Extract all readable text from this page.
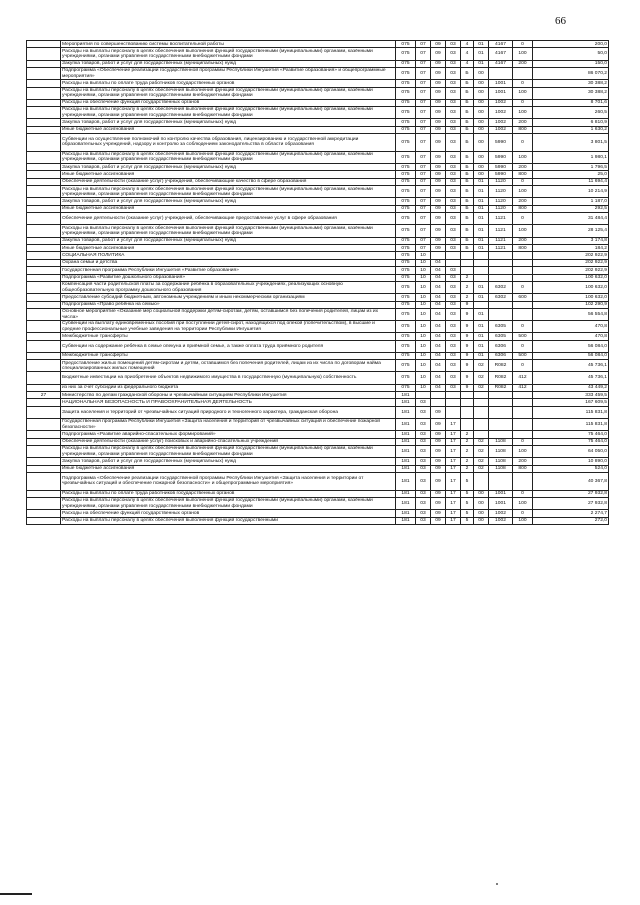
66
	Мероприятия по совершенствованию системы воспитательной работы	075	07	09	03	4	01	4167	0	200,0
	Расходы на выплаты персоналу в целях обеспечения выполнения функций государственными (муниципальными) органами, казёнными учреждениями, органами управления государственными внебюджетными фондами	075	07	09	03	4	01	4167	100	50,0
	Закупка товаров, работ и услуг для государственных (муниципальных) нужд	075	07	09	03	4	01	4167	200	150,0
	Подпрограмма «Обеспечение реализации государственной программы Республики Ингушетия «Развитие образования» и общепрограммные мероприятия»	075	07	09	03	Б	00			86 070,2
	Расходы на выплаты по оплате труда работников государственных органов	075	07	09	03	Б	00	1001	0	30 388,2
	Расходы на выплаты персоналу в целях обеспечения выполнения функций государственными (муниципальными) органами, казёнными учреждениями, органами управления государственными внебюджетными фондами	075	07	09	03	Б	00	1001	100	30 388,2
	Расходы на обеспечение функций государственных органов	075	07	09	03	Б	00	1002	0	8 701,6
	Расходы на выплаты персоналу в целях обеспечения выполнения функций государственными (муниципальными) органами, казёнными учреждениями, органами управления государственными внебюджетными фондами	075	07	09	03	Б	00	1002	100	260,5
	Закупка товаров, работ и услуг для государственных (муниципальных) нужд	075	07	09	03	Б	00	1002	200	6 810,9
	Иные бюджетные ассигнования	075	07	09	03	Б	00	1002	800	1 630,2
	Субвенции на осуществление полномочий по контролю качества образования, лицензированию и государственной аккредитации образовательных учреждений, надзору и контролю за соблюдением законодательства в области образования	075	07	09	03	Б	00	5990	0	3 801,5
	Расходы на выплаты персоналу в целях обеспечения выполнения функций государственными (муниципальными) органами, казёнными учреждениями, органами управления государственными внебюджетными фондами	075	07	09	03	Б	00	5990	100	1 980,1
	Закупка товаров, работ и услуг для государственных (муниципальных) нужд	075	07	09	03	Б	00	5990	200	1 796,5
	Иные бюджетные ассигнования	075	07	09	03	Б	00	5990	800	25,0
	Обеспечение деятельности (оказание услуг) учреждений, обеспечивающие качество в сфере образования	075	07	09	03	Б	01	1120	0	11 694,4
	Расходы на выплаты персоналу в целях обеспечения выполнения функций государственными (муниципальными) органами, казёнными учреждениями, органами управления государственными внебюджетными фондами	075	07	09	03	Б	01	1120	100	10 214,9
	Закупка товаров, работ и услуг для государственных (муниципальных) нужд	075	07	09	03	Б	01	1120	200	1 187,0
	Иные бюджетные ассигнования	075	07	09	03	Б	01	1120	800	292,5
	Обеспечение деятельности (оказание услуг) учреждений, обеспечивающие предоставление услуг в сфере образования	075	07	09	03	Б	01	1121	0	31 484,4
	Расходы на выплаты персоналу в целях обеспечения выполнения функций государственными (муниципальными) органами, казёнными учреждениями, органами управления государственными внебюджетными фондами	075	07	09	03	Б	01	1121	100	28 125,4
	Закупка товаров, работ и услуг для государственных (муниципальных) нужд	075	07	09	03	Б	01	1121	200	3 174,8
	Иные бюджетные ассигнования	075	07	09	03	Б	01	1121	800	184,2
	СОЦИАЛЬНАЯ ПОЛИТИКА	075	10							202 922,9
	Охрана семьи и детства	075	10	04						202 922,9
	Государственная программа Республики Ингушетия «Развитие образования»	075	10	04	03					202 922,9
	Подпрограмма «Развитие дошкольного образования»	075	10	04	03	2				100 632,0
	Компенсация части родительской платы за содержание ребёнка в образовательных учреждениях, реализующих основную общеобразовательную программу дошкольного образования	075	10	04	03	2	01	6302	0	100 632,0
	Предоставление субсидий бюджетным, автономным учреждениям и иным некоммерческим организациям	075	10	04	03	2	01	6302	600	100 632,0
	Подпрограмма «Право ребёнка на семью»	075	10	04	03	9				102 290,9
	Основное мероприятие «Оказание мер социальной поддержки детям-сиротам, детям, оставшимся без попечения родителей, лицам из их числа»	075	10	04	03	9	01			56 554,8
	Субвенции на выплату единовременных пособий при поступлении детей-сирот, находящихся под опекой (попечительством), в высшие и средние профессиональные учебные заведения на территории Республики Ингушетия	075	10	04	03	9	01	6305	0	470,8
	Межбюджетные трансферты	075	10	04	03	9	01	6305	500	470,8
	Субвенции на содержание ребёнка в семье опекуна и приёмной семье, а также оплата труда приёмного родителя	075	10	04	03	9	01	6306	0	56 084,0
	Межбюджетные трансферты	075	10	04	03	9	01	6306	500	56 084,0
	Предоставление жилых помещений детям-сиротам и детям, оставшимся без попечения родителей, лицам из их числа по договорам найма специализированных жилых помещений	075	10	04	03	9	02	R082	0	45 736,1
	Бюджетные инвестиции на приобретение объектов недвижимого имущества в государственную (муниципальную) собственность	075	10	04	03	9	02	R082	412	45 736,1
	из них за счет субсидии из федерального бюджета	075	10	04	03	9	02	R082	412	43 449,2
27	Министерство по делам гражданской обороны и чрезвычайным ситуациям Республики Ингушетия	181								333 459,5
	НАЦИОНАЛЬНАЯ БЕЗОПАСНОСТЬ И ПРАВООХРАНИТЕЛЬНАЯ ДЕЯТЕЛЬНОСТЬ	181	03							167 609,5
	Защита населения и территорий от чрезвычайных ситуаций природного и техногенного характера, гражданская оборона	181	03	09						115 831,8
	Государственная программа Республики Ингушетия «Защита населения и территорий от чрезвычайных ситуаций и обеспечение пожарной безопасности»	181	03	09	17					115 831,8
	Подпрограмма «Развитие аварийно-спасательных формирований»	181	03	09	17	2				75 464,0
	Обеспечение деятельности (оказание услуг) поисковых и аварийно-спасательных учреждений	181	03	09	17	2	02	1108	0	75 464,0
	Расходы на выплаты персоналу в целях обеспечения выполнения функций государственными (муниципальными) органами, казёнными учреждениями, органами управления государственными внебюджетными фондами	181	03	09	17	2	02	1108	100	64 050,0
	Закупка товаров, работ и услуг для государственных (муниципальных) нужд	181	03	09	17	2	02	1108	200	10 890,0
	Иные бюджетные ассигнования	181	03	09	17	2	02	1108	800	524,0
	Подпрограмма «Обеспечение реализации государственной программы Республики Ингушетия «Защита населения и территории от чрезвычайных ситуаций и обеспечение пожарной безопасности» и общепрограммные мероприятия»	181	03	09	17	5				40 367,8
	Расходы на выплаты по оплате труда работников государственных органов	181	03	09	17	5	00	1001	0	27 932,8
	Расходы на выплаты персоналу в целях обеспечения выполнения функций государственными (муниципальными) органами, казёнными учреждениями, органами управления государственными внебюджетными фондами	181	03	09	17	5	00	1001	100	27 932,8
	Расходы на обеспечение функций государственных органов	181	03	09	17	5	00	1002	0	2 274,7
	Расходы на выплаты персоналу в целях обеспечения выполнения функций государственными	181	03	09	17	5	00	1002	100	272,0
